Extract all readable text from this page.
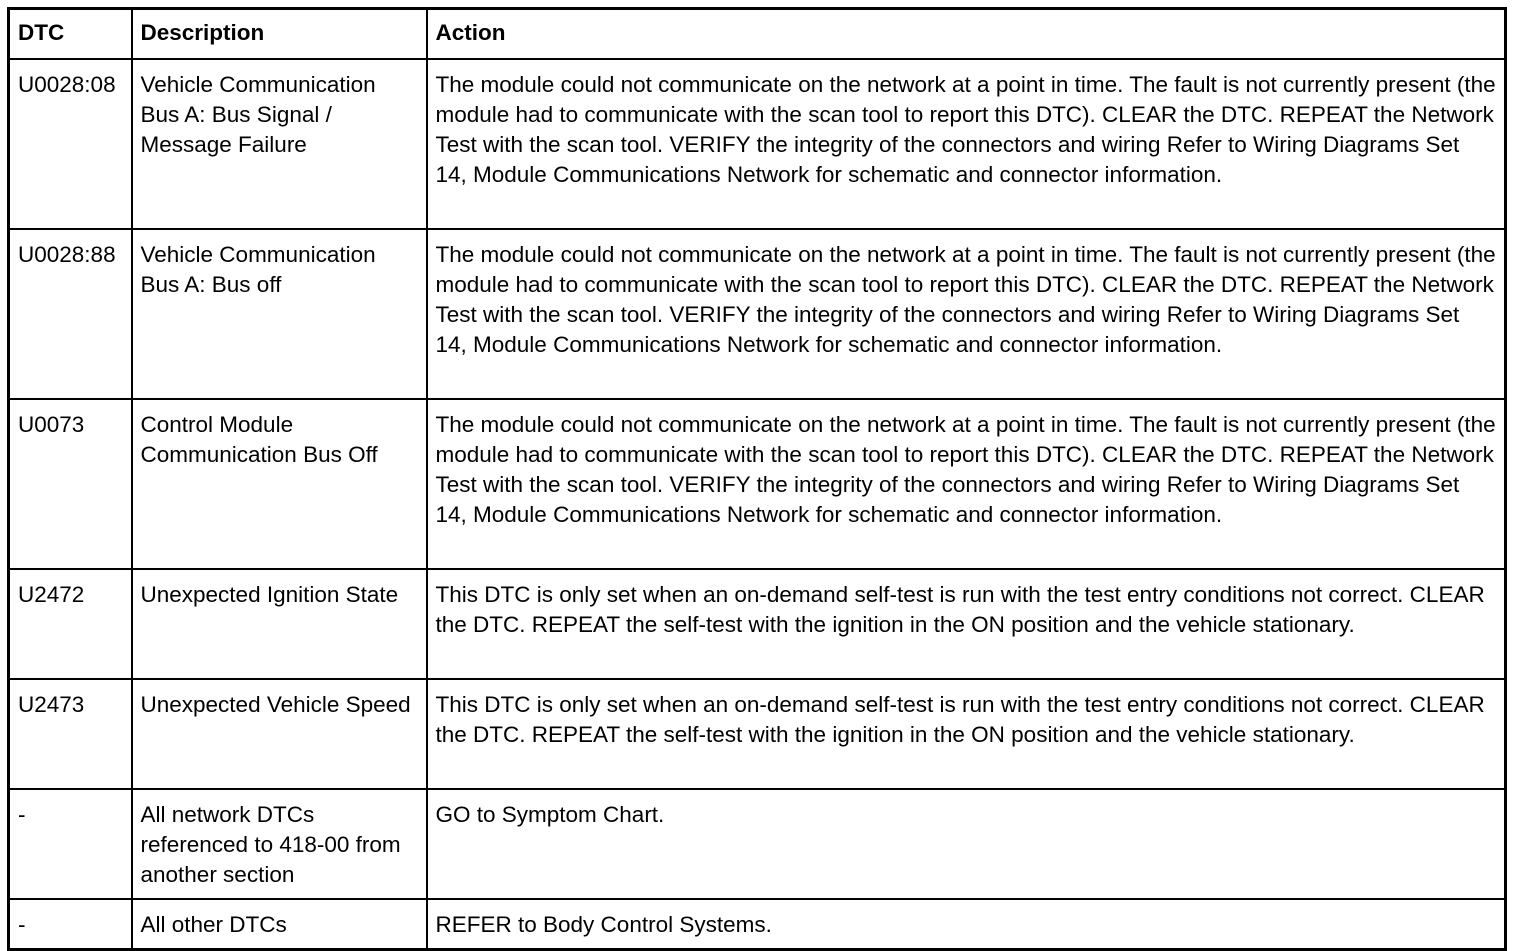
DTC	Description	Action
U0028:08	Vehicle Communication Bus A: Bus Signal / Message Failure	The module could not communicate on the network at a point in time. The fault is not currently present (the module had to communicate with the scan tool to report this DTC). CLEAR the DTC. REPEAT the Network Test with the scan tool. VERIFY the integrity of the connectors and wiring Refer to Wiring Diagrams Set 14, Module Communications Network for schematic and connector information.
U0028:88	Vehicle Communication Bus A: Bus off	The module could not communicate on the network at a point in time. The fault is not currently present (the module had to communicate with the scan tool to report this DTC). CLEAR the DTC. REPEAT the Network Test with the scan tool. VERIFY the integrity of the connectors and wiring Refer to Wiring Diagrams Set 14, Module Communications Network for schematic and connector information.
U0073	Control Module Communication Bus Off	The module could not communicate on the network at a point in time. The fault is not currently present (the module had to communicate with the scan tool to report this DTC). CLEAR the DTC. REPEAT the Network Test with the scan tool. VERIFY the integrity of the connectors and wiring Refer to Wiring Diagrams Set 14, Module Communications Network for schematic and connector information.
U2472	Unexpected Ignition State	This DTC is only set when an on-demand self-test is run with the test entry conditions not correct. CLEAR the DTC. REPEAT the self-test with the ignition in the ON position and the vehicle stationary.
U2473	Unexpected Vehicle Speed	This DTC is only set when an on-demand self-test is run with the test entry conditions not correct. CLEAR the DTC. REPEAT the self-test with the ignition in the ON position and the vehicle stationary.
-	All network DTCs referenced to 418-00 from another section	GO to Symptom Chart.
-	All other DTCs	REFER to Body Control Systems.
